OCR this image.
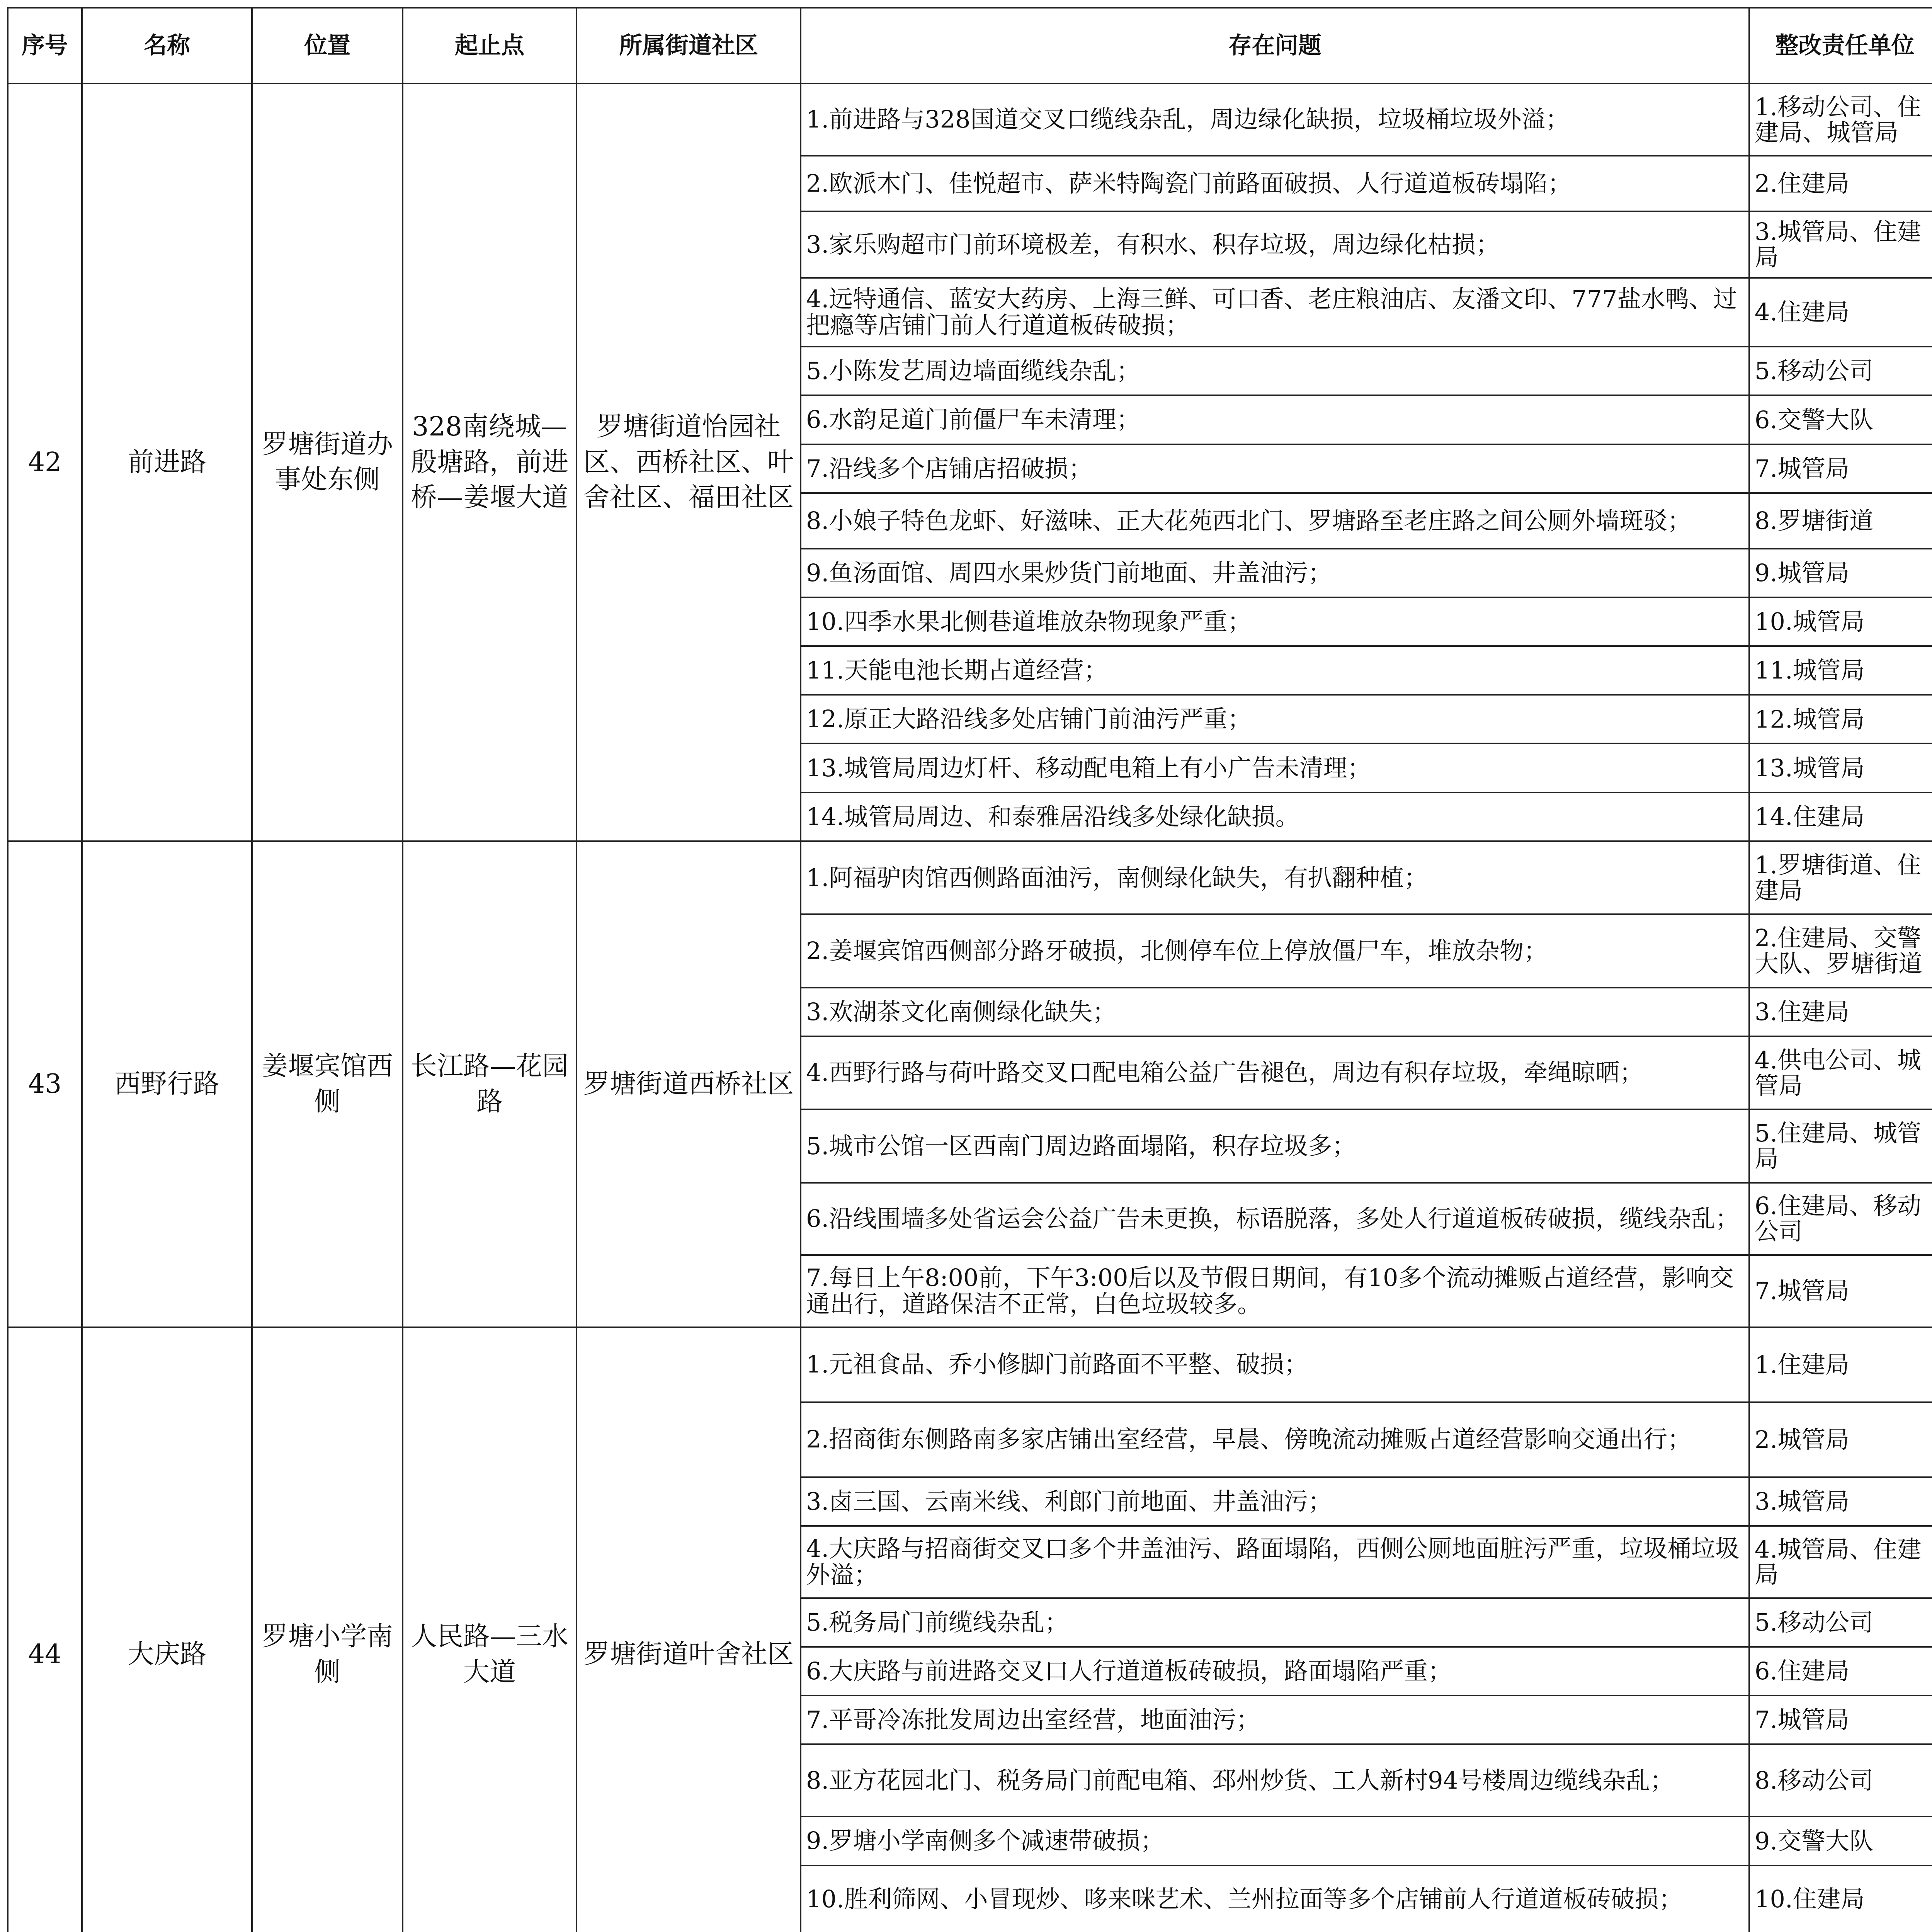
序号	名称	位置	起止点	所属街道社区	存在问题	整改责任单位	
42	前进路	罗塘街道办事处东侧	328南绕城—殷塘路，前进桥—姜堰大道	罗塘街道怡园社区、西桥社区、叶舍社区、福田社区	1.前进路与328国道交叉口缆线杂乱，周边绿化缺损，垃圾桶垃圾外溢；	1.移动公司、住建局、城管局	
					2.欧派木门、佳悦超市、萨米特陶瓷门前路面破损、人行道道板砖塌陷；	2.住建局	
					3.家乐购超市门前环境极差，有积水、积存垃圾，周边绿化枯损；	3.城管局、住建局	
					4.远特通信、蓝安大药房、上海三鲜、可口香、老庄粮油店、友潘文印、777盐水鸭、过把瘾等店铺门前人行道道板砖破损；	4.住建局	
					5.小陈发艺周边墙面缆线杂乱；	5.移动公司	
					6.水韵足道门前僵尸车未清理；	6.交警大队	
					7.沿线多个店铺店招破损；	7.城管局	
					8.小娘子特色龙虾、好滋味、正大花苑西北门、罗塘路至老庄路之间公厕外墙斑驳；	8.罗塘街道	
					9.鱼汤面馆、周四水果炒货门前地面、井盖油污；	9.城管局	
					10.四季水果北侧巷道堆放杂物现象严重；	10.城管局	
					11.天能电池长期占道经营；	11.城管局	
					12.原正大路沿线多处店铺门前油污严重；	12.城管局	
					13.城管局周边灯杆、移动配电箱上有小广告未清理；	13.城管局	
					14.城管局周边、和泰雅居沿线多处绿化缺损。	14.住建局	
43	西野行路	姜堰宾馆西侧	长江路—花园路	罗塘街道西桥社区	1.阿福驴肉馆西侧路面油污，南侧绿化缺失，有扒翻种植；	1.罗塘街道、住建局	
					2.姜堰宾馆西侧部分路牙破损，北侧停车位上停放僵尸车，堆放杂物；	2.住建局、交警大队、罗塘街道	
					3.欢湖茶文化南侧绿化缺失；	3.住建局	
					4.西野行路与荷叶路交叉口配电箱公益广告褪色，周边有积存垃圾，牵绳晾晒；	4.供电公司、城管局	
					5.城市公馆一区西南门周边路面塌陷，积存垃圾多；	5.住建局、城管局	
					6.沿线围墙多处省运会公益广告未更换，标语脱落，多处人行道道板砖破损，缆线杂乱；	6.住建局、移动公司	
					7.每日上午8:00前，下午3:00后以及节假日期间，有10多个流动摊贩占道经营，影响交通出行，道路保洁不正常，白色垃圾较多。	7.城管局	
44	大庆路	罗塘小学南侧	人民路—三水大道	罗塘街道叶舍社区	1.元祖食品、乔小修脚门前路面不平整、破损；	1.住建局	
					2.招商街东侧路南多家店铺出室经营，早晨、傍晚流动摊贩占道经营影响交通出行；	2.城管局	
					3.卤三国、云南米线、利郎门前地面、井盖油污；	3.城管局	
					4.大庆路与招商街交叉口多个井盖油污、路面塌陷，西侧公厕地面脏污严重，垃圾桶垃圾外溢；	4.城管局、住建局	
					5.税务局门前缆线杂乱；	5.移动公司	
					6.大庆路与前进路交叉口人行道道板砖破损，路面塌陷严重；	6.住建局	
					7.平哥冷冻批发周边出室经营，地面油污；	7.城管局	
					8.亚方花园北门、税务局门前配电箱、邳州炒货、工人新村94号楼周边缆线杂乱；	8.移动公司	
					9.罗塘小学南侧多个减速带破损；	9.交警大队	
					10.胜利筛网、小冒现炒、哆来咪艺术、兰州拉面等多个店铺前人行道道板砖破损；	10.住建局	
